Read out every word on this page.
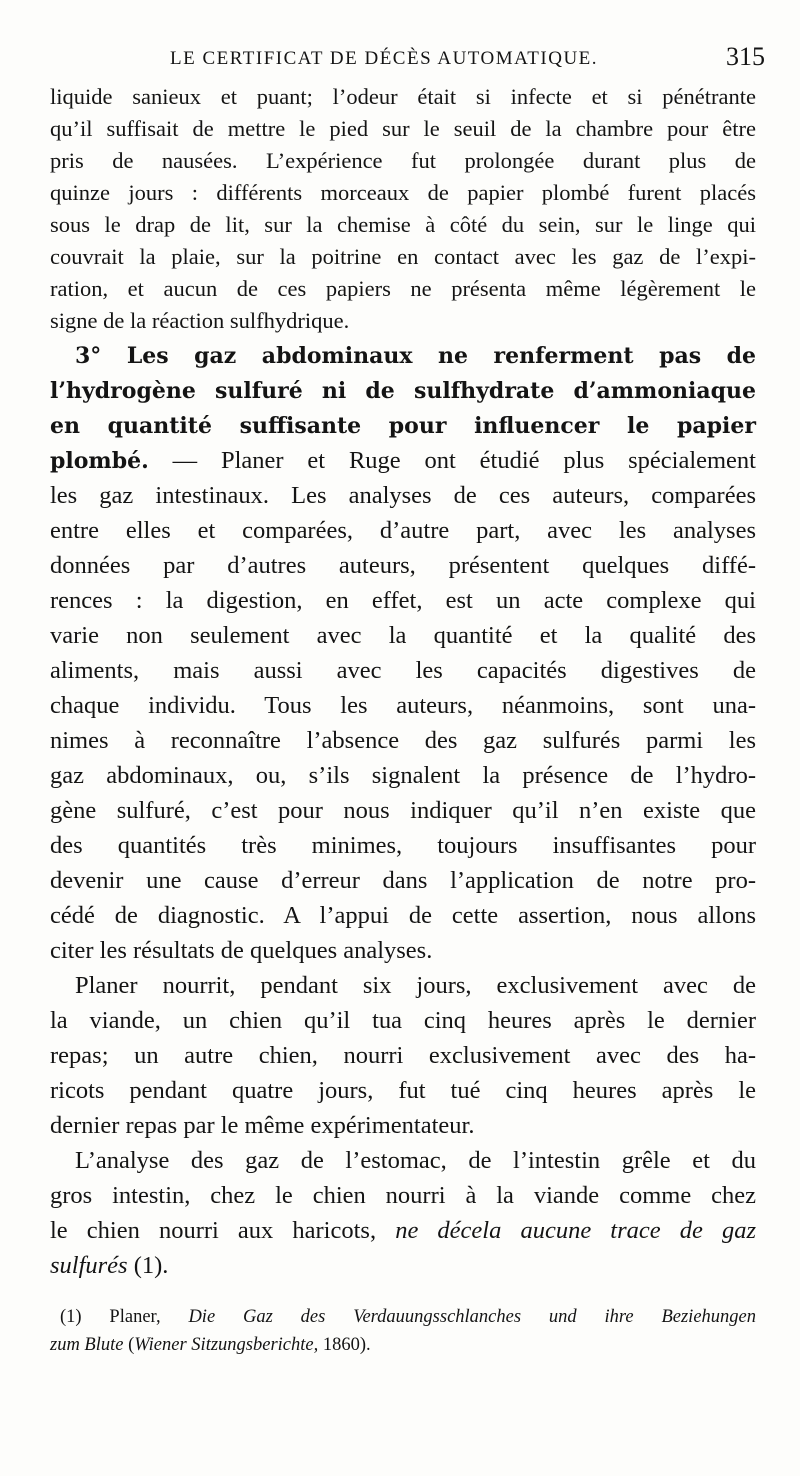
LE CERTIFICAT DE DÉCÈS AUTOMATIQUE.	315
liquide sanieux et puant; l’odeur était si infecte et si pénétrante
qu’il suffisait de mettre le pied sur le seuil de la chambre pour être
pris de nausées. L’expérience fut prolongée durant plus de
quinze jours : différents morceaux de papier plombé furent placés
sous le drap de lit, sur la chemise à côté du sein, sur le linge qui
couvrait la plaie, sur la poitrine en contact avec les gaz de l’expi-
ration, et aucun de ces papiers ne présenta même légèrement le
signe de la réaction sulfhydrique.
3° Les gaz abdominaux ne renferment pas de
l’hydrogène sulfuré ni de sulfhydrate d’ammoniaque
en quantité suffisante pour influencer le papier
plombé. — Planer et Ruge ont étudié plus spécialement
les gaz intestinaux. Les analyses de ces auteurs, comparées
entre elles et comparées, d’autre part, avec les analyses
données par d’autres auteurs, présentent quelques diffé-
rences : la digestion, en effet, est un acte complexe qui
varie non seulement avec la quantité et la qualité des
aliments, mais aussi avec les capacités digestives de
chaque individu. Tous les auteurs, néanmoins, sont una-
nimes à reconnaître l’absence des gaz sulfurés parmi les
gaz abdominaux, ou, s’ils signalent la présence de l’hydro-
gène sulfuré, c’est pour nous indiquer qu’il n’en existe que
des quantités très minimes, toujours insuffisantes pour
devenir une cause d’erreur dans l’application de notre pro-
cédé de diagnostic. A l’appui de cette assertion, nous allons
citer les résultats de quelques analyses.
Planer nourrit, pendant six jours, exclusivement avec de
la viande, un chien qu’il tua cinq heures après le dernier
repas; un autre chien, nourri exclusivement avec des ha-
ricots pendant quatre jours, fut tué cinq heures après le
dernier repas par le même expérimentateur.
L’analyse des gaz de l’estomac, de l’intestin grêle et du
gros intestin, chez le chien nourri à la viande comme chez
le chien nourri aux haricots, ne décela aucune trace de gaz
sulfurés (1).
(1) Planer, Die Gaz des Verdauungsschlanches und ihre Beziehungen
zum Blute (Wiener Sitzungsberichte, 1860).
